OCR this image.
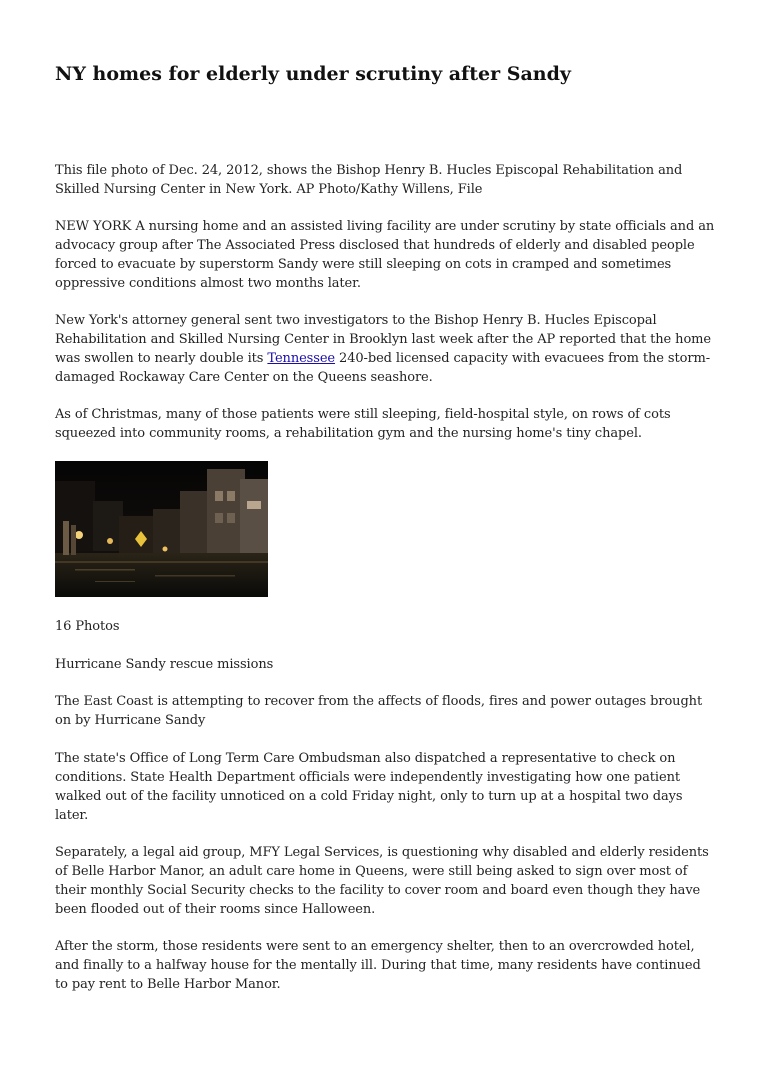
NY homes for elderly under scrutiny after Sandy

This file photo of Dec. 24, 2012, shows the Bishop Henry B. Hucles Episcopal Rehabilitation and Skilled Nursing Center in New York. AP Photo/Kathy Willens, File

NEW YORK A nursing home and an assisted living facility are under scrutiny by state officials and an advocacy group after The Associated Press disclosed that hundreds of elderly and disabled people forced to evacuate by superstorm Sandy were still sleeping on cots in cramped and sometimes oppressive conditions almost two months later.

New York's attorney general sent two investigators to the Bishop Henry B. Hucles Episcopal Rehabilitation and Skilled Nursing Center in Brooklyn last week after the AP reported that the home was swollen to nearly double its Tennessee 240-bed licensed capacity with evacuees from the storm-damaged Rockaway Care Center on the Queens seashore.

As of Christmas, many of those patients were still sleeping, field-hospital style, on rows of cots squeezed into community rooms, a rehabilitation gym and the nursing home's tiny chapel.

16 Photos

Hurricane Sandy rescue missions

The East Coast is attempting to recover from the affects of floods, fires and power outages brought on by Hurricane Sandy

The state's Office of Long Term Care Ombudsman also dispatched a representative to check on conditions. State Health Department officials were independently investigating how one patient walked out of the facility unnoticed on a cold Friday night, only to turn up at a hospital two days later.

Separately, a legal aid group, MFY Legal Services, is questioning why disabled and elderly residents of Belle Harbor Manor, an adult care home in Queens, were still being asked to sign over most of their monthly Social Security checks to the facility to cover room and board even though they have been flooded out of their rooms since Halloween.

After the storm, those residents were sent to an emergency shelter, then to an overcrowded hotel, and finally to a halfway house for the mentally ill. During that time, many residents have continued to pay rent to Belle Harbor Manor.
